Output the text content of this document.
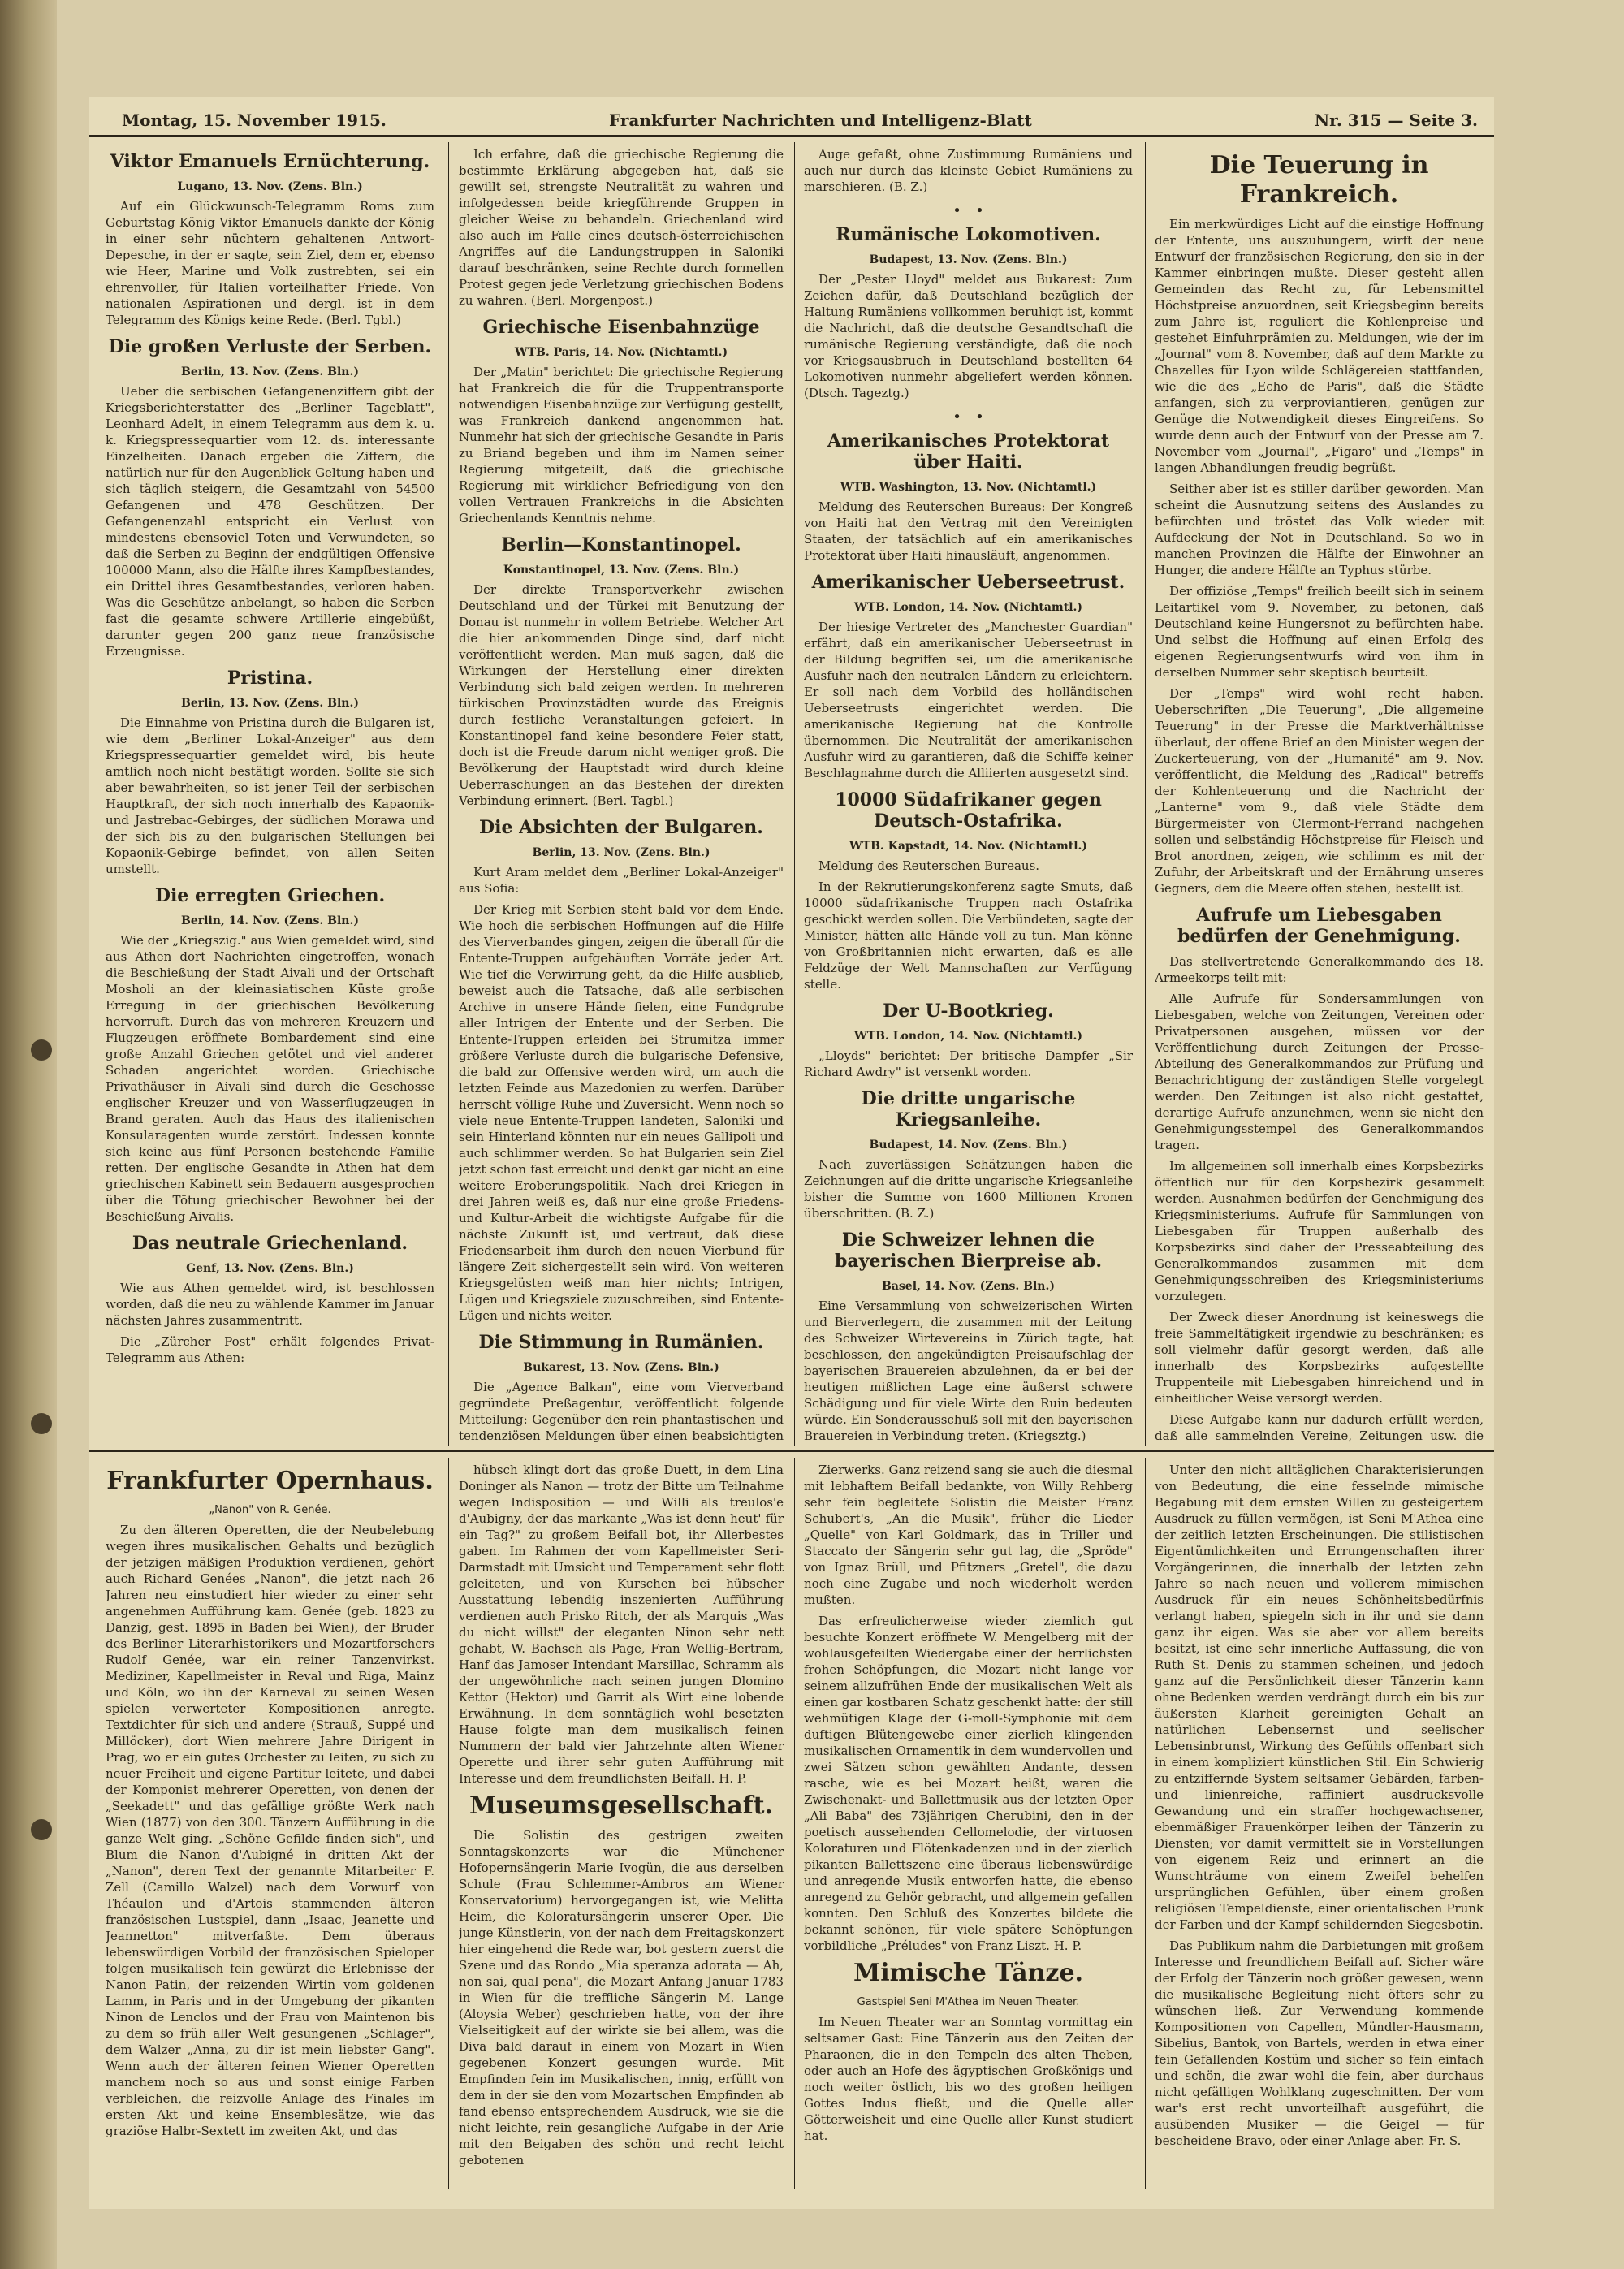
Montag, 15. November 1915.	Frankfurter Nachrichten und Intelligenz-Blatt	Nr. 315 — Seite 3.
Viktor Emanuels Ernüchterung.
Lugano, 13. Nov. (Zens. Bln.)

Auf ein Glückwunsch-Telegramm Roms zum Geburtstag König Viktor Emanuels dankte der König in einer sehr nüchtern gehaltenen Antwort-Depesche, in der er sagte, sein Ziel, dem er, ebenso wie Heer, Marine und Volk zustrebten, sei ein ehrenvoller, für Italien vorteilhafter Friede. Von nationalen Aspirationen und dergl. ist in dem Telegramm des Königs keine Rede. (Berl. Tgbl.)

Die großen Verluste der Serben.
Berlin, 13. Nov. (Zens. Bln.)

Ueber die serbischen Gefangenenziffern gibt der Kriegsberichterstatter des „Berliner Tageblatt", Leonhard Adelt, in einem Telegramm aus dem k. u. k. Kriegspressequartier vom 12. ds. interessante Einzelheiten. Danach ergeben die Ziffern, die natürlich nur für den Augenblick Geltung haben und sich täglich steigern, die Gesamtzahl von 54500 Gefangenen und 478 Geschützen. Der Gefangenenzahl entspricht ein Verlust von mindestens ebensoviel Toten und Verwundeten, so daß die Serben zu Beginn der endgültigen Offensive 100000 Mann, also die Hälfte ihres Kampfbestandes, ein Drittel ihres Gesamtbestandes, verloren haben. Was die Geschütze anbelangt, so haben die Serben fast die gesamte schwere Artillerie eingebüßt, darunter gegen 200 ganz neue französische Erzeugnisse.

Pristina.
Berlin, 13. Nov. (Zens. Bln.)

Die Einnahme von Pristina durch die Bulgaren ist, wie dem „Berliner Lokal-Anzeiger" aus dem Kriegspressequartier gemeldet wird, bis heute amtlich noch nicht bestätigt worden. Sollte sie sich aber bewahrheiten, so ist jener Teil der serbischen Hauptkraft, der sich noch innerhalb des Kapaonik- und Jastrebac-Gebirges, der südlichen Morawa und der sich bis zu den bulgarischen Stellungen bei Kopaonik-Gebirge befindet, von allen Seiten umstellt.

Die erregten Griechen.
Berlin, 14. Nov. (Zens. Bln.)

Wie der „Kriegszig." aus Wien gemeldet wird, sind aus Athen dort Nachrichten eingetroffen, wonach die Beschießung der Stadt Aivali und der Ortschaft Mosholi an der kleinasiatischen Küste große Erregung in der griechischen Bevölkerung hervorruft. Durch das von mehreren Kreuzern und Flugzeugen eröffnete Bombardement sind eine große Anzahl Griechen getötet und viel anderer Schaden angerichtet worden. Griechische Privathäuser in Aivali sind durch die Geschosse englischer Kreuzer und von Wasserflugzeugen in Brand geraten. Auch das Haus des italienischen Konsularagenten wurde zerstört. Indessen konnte sich keine aus fünf Personen bestehende Familie retten. Der englische Gesandte in Athen hat dem griechischen Kabinett sein Bedauern ausgesprochen über die Tötung griechischer Bewohner bei der Beschießung Aivalis.

Das neutrale Griechenland.
Genf, 13. Nov. (Zens. Bln.)

Wie aus Athen gemeldet wird, ist beschlossen worden, daß die neu zu wählende Kammer im Januar nächsten Jahres zusammentritt.

Die „Zürcher Post" erhält folgendes Privat-Telegramm aus Athen:

Ich erfahre, daß die griechische Regierung die bestimmte Erklärung abgegeben hat, daß sie gewillt sei, strengste Neutralität zu wahren und infolgedessen beide kriegführende Gruppen in gleicher Weise zu behandeln. Griechenland wird also auch im Falle eines deutsch-österreichischen Angriffes auf die Landungstruppen in Saloniki darauf beschränken, seine Rechte durch formellen Protest gegen jede Verletzung griechischen Bodens zu wahren. (Berl. Morgenpost.)

Griechische Eisenbahnzüge
WTB. Paris, 14. Nov. (Nichtamtl.)

Der „Matin" berichtet: Die griechische Regierung hat Frankreich die für die Truppentransporte notwendigen Eisenbahnzüge zur Verfügung gestellt, was Frankreich dankend angenommen hat. Nunmehr hat sich der griechische Gesandte in Paris zu Briand begeben und ihm im Namen seiner Regierung mitgeteilt, daß die griechische Regierung mit wirklicher Befriedigung von den vollen Vertrauen Frankreichs in die Absichten Griechenlands Kenntnis nehme.

Berlin—Konstantinopel.
Konstantinopel, 13. Nov. (Zens. Bln.)

Der direkte Transportverkehr zwischen Deutschland und der Türkei mit Benutzung der Donau ist nunmehr in vollem Betriebe. Welcher Art die hier ankommenden Dinge sind, darf nicht veröffentlicht werden. Man muß sagen, daß die Wirkungen der Herstellung einer direkten Verbindung sich bald zeigen werden. In mehreren türkischen Provinzstädten wurde das Ereignis durch festliche Veranstaltungen gefeiert. In Konstantinopel fand keine besondere Feier statt, doch ist die Freude darum nicht weniger groß. Die Bevölkerung der Hauptstadt wird durch kleine Ueberraschungen an das Bestehen der direkten Verbindung erinnert. (Berl. Tagbl.)

Die Absichten der Bulgaren.
Berlin, 13. Nov. (Zens. Bln.)

Kurt Aram meldet dem „Berliner Lokal-Anzeiger" aus Sofia:

Der Krieg mit Serbien steht bald vor dem Ende. Wie hoch die serbischen Hoffnungen auf die Hilfe des Vierverbandes gingen, zeigen die überall für die Entente-Truppen aufgehäuften Vorräte jeder Art. Wie tief die Verwirrung geht, da die Hilfe ausblieb, beweist auch die Tatsache, daß alle serbischen Archive in unsere Hände fielen, eine Fundgrube aller Intrigen der Entente und der Serben. Die Entente-Truppen erleiden bei Strumitza immer größere Verluste durch die bulgarische Defensive, die bald zur Offensive werden wird, um auch die letzten Feinde aus Mazedonien zu werfen. Darüber herrscht völlige Ruhe und Zuversicht. Wenn noch so viele neue Entente-Truppen landeten, Saloniki und sein Hinterland könnten nur ein neues Gallipoli und auch schlimmer werden. So hat Bulgarien sein Ziel jetzt schon fast erreicht und denkt gar nicht an eine weitere Eroberungspolitik. Nach drei Kriegen in drei Jahren weiß es, daß nur eine große Friedens- und Kultur-Arbeit die wichtigste Aufgabe für die nächste Zukunft ist, und vertraut, daß diese Friedensarbeit ihm durch den neuen Vierbund für längere Zeit sichergestellt sein wird. Von weiteren Kriegsgelüsten weiß man hier nichts; Intrigen, Lügen und Kriegsziele zuzuschreiben, sind Entente-Lügen und nichts weiter.

Die Stimmung in Rumänien.
Bukarest, 13. Nov. (Zens. Bln.)

Die „Agence Balkan", eine vom Vierverband gegründete Preßagentur, veröffentlicht folgende Mitteilung: Gegenüber den rein phantastischen und tendenziösen Meldungen über einen beabsichtigten

Auge gefaßt, ohne Zustimmung Rumäniens und auch nur durch das kleinste Gebiet Rumäniens zu marschieren. (B. Z.)

•   •
Rumänische Lokomotiven.
Budapest, 13. Nov. (Zens. Bln.)

Der „Pester Lloyd" meldet aus Bukarest: Zum Zeichen dafür, daß Deutschland bezüglich der Haltung Rumäniens vollkommen beruhigt ist, kommt die Nachricht, daß die deutsche Gesandtschaft die rumänische Regierung verständigte, daß die noch vor Kriegsausbruch in Deutschland bestellten 64 Lokomotiven nunmehr abgeliefert werden können. (Dtsch. Tageztg.)

•   •
Amerikanisches Protektorat über Haiti.
WTB. Washington, 13. Nov. (Nichtamtl.)

Meldung des Reuterschen Bureaus: Der Kongreß von Haiti hat den Vertrag mit den Vereinigten Staaten, der tatsächlich auf ein amerikanisches Protektorat über Haiti hinausläuft, angenommen.

Amerikanischer Ueberseetrust.
WTB. London, 14. Nov. (Nichtamtl.)

Der hiesige Vertreter des „Manchester Guardian" erfährt, daß ein amerikanischer Ueberseetrust in der Bildung begriffen sei, um die amerikanische Ausfuhr nach den neutralen Ländern zu erleichtern. Er soll nach dem Vorbild des holländischen Ueberseetrusts eingerichtet werden. Die amerikanische Regierung hat die Kontrolle übernommen. Die Neutralität der amerikanischen Ausfuhr wird zu garantieren, daß die Schiffe keiner Beschlagnahme durch die Alliierten ausgesetzt sind.

10000 Südafrikaner gegen Deutsch-Ostafrika.
WTB. Kapstadt, 14. Nov. (Nichtamtl.)

Meldung des Reuterschen Bureaus.

In der Rekrutierungskonferenz sagte Smuts, daß 10000 südafrikanische Truppen nach Ostafrika geschickt werden sollen. Die Verbündeten, sagte der Minister, hätten alle Hände voll zu tun. Man könne von Großbritannien nicht erwarten, daß es alle Feldzüge der Welt Mannschaften zur Verfügung stelle.

Der U-Bootkrieg.
WTB. London, 14. Nov. (Nichtamtl.)

„Lloyds" berichtet: Der britische Dampfer „Sir Richard Awdry" ist versenkt worden.

Die dritte ungarische Kriegsanleihe.
Budapest, 14. Nov. (Zens. Bln.)

Nach zuverlässigen Schätzungen haben die Zeichnungen auf die dritte ungarische Kriegsanleihe bisher die Summe von 1600 Millionen Kronen überschritten. (B. Z.)

Die Schweizer lehnen die bayerischen Bierpreise ab.
Basel, 14. Nov. (Zens. Bln.)

Eine Versammlung von schweizerischen Wirten und Bierverlegern, die zusammen mit der Leitung des Schweizer Wirtevereins in Zürich tagte, hat beschlossen, den angekündigten Preisaufschlag der bayerischen Brauereien abzulehnen, da er bei der heutigen mißlichen Lage eine äußerst schwere Schädigung und für viele Wirte den Ruin bedeuten würde. Ein Sonderausschuß soll mit den bayerischen Brauereien in Verbindung treten. (Kriegsztg.)

Die Teuerung in Frankreich.

Ein merkwürdiges Licht auf die einstige Hoffnung der Entente, uns auszuhungern, wirft der neue Entwurf der französischen Regierung, den sie in der Kammer einbringen mußte. Dieser gesteht allen Gemeinden das Recht zu, für Lebensmittel Höchstpreise anzuordnen, seit Kriegsbeginn bereits zum Jahre ist, reguliert die Kohlenpreise und gestehet Einfuhrprämien zu. Meldungen, wie der im „Journal" vom 8. November, daß auf dem Markte zu Chazelles für Lyon wilde Schlägereien stattfanden, wie die des „Echo de Paris", daß die Städte anfangen, sich zu verproviantieren, genügen zur Genüge die Notwendigkeit dieses Eingreifens. So wurde denn auch der Entwurf von der Presse am 7. November vom „Journal", „Figaro" und „Temps" in langen Abhandlungen freudig begrüßt.

Seither aber ist es stiller darüber geworden. Man scheint die Ausnutzung seitens des Auslandes zu befürchten und tröstet das Volk wieder mit Aufdeckung der Not in Deutschland. So wo in manchen Provinzen die Hälfte der Einwohner an Hunger, die andere Hälfte an Typhus stürbe.

Der offiziöse „Temps" freilich beeilt sich in seinem Leitartikel vom 9. November, zu betonen, daß Deutschland keine Hungersnot zu befürchten habe. Und selbst die Hoffnung auf einen Erfolg des eigenen Regierungsentwurfs wird von ihm in derselben Nummer sehr skeptisch beurteilt.

Der „Temps" wird wohl recht haben. Ueberschriften „Die Teuerung", „Die allgemeine Teuerung" in der Presse die Marktverhältnisse überlaut, der offene Brief an den Minister wegen der Zuckerteuerung, von der „Humanité" am 9. Nov. veröffentlicht, die Meldung des „Radical" betreffs der Kohlenteuerung und die Nachricht der „Lanterne" vom 9., daß viele Städte dem Bürgermeister von Clermont-Ferrand nachgehen sollen und selbständig Höchstpreise für Fleisch und Brot anordnen, zeigen, wie schlimm es mit der Zufuhr, der Arbeitskraft und der Ernährung unseres Gegners, dem die Meere offen stehen, bestellt ist.

Aufrufe um Liebesgaben bedürfen der Genehmigung.

Das stellvertretende Generalkommando des 18. Armeekorps teilt mit:

Alle Aufrufe für Sondersammlungen von Liebesgaben, welche von Zeitungen, Vereinen oder Privatpersonen ausgehen, müssen vor der Veröffentlichung durch Zeitungen der Presse-Abteilung des Generalkommandos zur Prüfung und Benachrichtigung der zuständigen Stelle vorgelegt werden. Den Zeitungen ist also nicht gestattet, derartige Aufrufe anzunehmen, wenn sie nicht den Genehmigungsstempel des Generalkommandos tragen.

Im allgemeinen soll innerhalb eines Korpsbezirks öffentlich nur für den Korpsbezirk gesammelt werden. Ausnahmen bedürfen der Genehmigung des Kriegsministeriums. Aufrufe für Sammlungen von Liebesgaben für Truppen außerhalb des Korpsbezirks sind daher der Presseabteilung des Generalkommandos zusammen mit dem Genehmigungsschreiben des Kriegsministeriums vorzulegen.

Der Zweck dieser Anordnung ist keineswegs die freie Sammeltätigkeit irgendwie zu beschränken; es soll vielmehr dafür gesorgt werden, daß alle innerhalb des Korpsbezirks aufgestellte Truppenteile mit Liebesgaben hinreichend und in einheitlicher Weise versorgt werden.

Diese Aufgabe kann nur dadurch erfüllt werden, daß alle sammelnden Vereine, Zeitungen usw. die

Frankfurter Opernhaus.
„Nanon" von R. Genée.

Zu den älteren Operetten, die der Neubelebung wegen ihres musikalischen Gehalts und bezüglich der jetzigen mäßigen Produktion verdienen, gehört auch Richard Genées „Nanon", die jetzt nach 26 Jahren neu einstudiert hier wieder zu einer sehr angenehmen Aufführung kam. Genée (geb. 1823 zu Danzig, gest. 1895 in Baden bei Wien), der Bruder des Berliner Literarhistorikers und Mozartforschers Rudolf Genée, war ein reiner Tanzenvirkst. Mediziner, Kapellmeister in Reval und Riga, Mainz und Köln, wo ihn der Karneval zu seinen Wesen spielen verwerteter Kompositionen anregte. Textdichter für sich und andere (Strauß, Suppé und Millöcker), dort Wien mehrere Jahre Dirigent in Prag, wo er ein gutes Orchester zu leiten, zu sich zu neuer Freiheit und eigene Partitur leitete, und dabei der Komponist mehrerer Operetten, von denen der „Seekadett" und das gefällige größte Werk nach Wien (1877) von den 300. Tänzern Aufführung in die ganze Welt ging. „Schöne Gefilde finden sich", und Blum die Nanon d'Aubigné in dritten Akt der „Nanon", deren Text der genannte Mitarbeiter F. Zell (Camillo Walzel) nach dem Vorwurf von Théaulon und d'Artois stammenden älteren französischen Lustspiel, dann „Isaac, Jeanette und Jeannetton" mitverfaßte. Dem überaus lebenswürdigen Vorbild der französischen Spieloper folgen musikalisch fein gewürzt die Erlebnisse der Nanon Patin, der reizenden Wirtin vom goldenen Lamm, in Paris und in der Umgebung der pikanten Ninon de Lenclos und der Frau von Maintenon bis zu dem so früh aller Welt gesungenen „Schlager", dem Walzer „Anna, zu dir ist mein liebster Gang". Wenn auch der älteren feinen Wiener Operetten manchem noch so aus und sonst einige Farben verbleichen, die reizvolle Anlage des Finales im ersten Akt und keine Ensemblesätze, wie das graziöse Halbr-Sextett im zweiten Akt, und das

hübsch klingt dort das große Duett, in dem Lina Doninger als Nanon — trotz der Bitte um Teilnahme wegen Indisposition — und Willi als treulos'e d'Aubigny, der das markante „Was ist denn heut' für ein Tag?" zu großem Beifall bot, ihr Allerbestes gaben. Im Rahmen der vom Kapellmeister Seri-Darmstadt mit Umsicht und Temperament sehr flott geleiteten, und von Kurschen bei hübscher Ausstattung lebendig inszenierten Aufführung verdienen auch Prisko Ritch, der als Marquis „Was du nicht willst" der eleganten Ninon sehr nett gehabt, W. Bachsch als Page, Fran Wellig-Bertram, Hanf das Jamoser Intendant Marsillac, Schramm als der ungewöhnliche nach seinen jungen Dlomino Kettor (Hektor) und Garrit als Wirt eine lobende Erwähnung. In dem sonntäglich wohl besetzten Hause folgte man dem musikalisch feinen Nummern der bald vier Jahrzehnte alten Wiener Operette und ihrer sehr guten Aufführung mit Interesse und dem freundlichsten Beifall. H. P.

Museumsgesellschaft.

Die Solistin des gestrigen zweiten Sonntagskonzerts war die Münchener Hofopernsängerin Marie Ivogün, die aus derselben Schule (Frau Schlemmer-Ambros am Wiener Konservatorium) hervorgegangen ist, wie Melitta Heim, die Koloratursängerin unserer Oper. Die junge Künstlerin, von der nach dem Freitagskonzert hier eingehend die Rede war, bot gestern zuerst die Szene und das Rondo „Mia speranza adorata — Ah, non sai, qual pena", die Mozart Anfang Januar 1783 in Wien für die treffliche Sängerin M. Lange (Aloysia Weber) geschrieben hatte, von der ihre Vielseitigkeit auf der wirkte sie bei allem, was die Diva bald darauf in einem von Mozart in Wien gegebenen Konzert gesungen wurde. Mit Empfinden fein im Musikalischen, innig, erfüllt von dem in der sie den vom Mozartschen Empfinden ab fand ebenso entsprechendem Ausdruck, wie sie die nicht leichte, rein gesangliche Aufgabe in der Arie mit den Beigaben des schön und recht leicht gebotenen

Zierwerks. Ganz reizend sang sie auch die diesmal mit lebhaftem Beifall bedankte, von Willy Rehberg sehr fein begleitete Solistin die Meister Franz Schubert's, „An die Musik", früher die Lieder „Quelle" von Karl Goldmark, das in Triller und Staccato der Sängerin sehr gut lag, die „Spröde" von Ignaz Brüll, und Pfitzners „Gretel", die dazu noch eine Zugabe und noch wiederholt werden mußten.

Das erfreulicherweise wieder ziemlich gut besuchte Konzert eröffnete W. Mengelberg mit der wohlausgefeilten Wiedergabe einer der herrlichsten frohen Schöpfungen, die Mozart nicht lange vor seinem allzufrühen Ende der musikalischen Welt als einen gar kostbaren Schatz geschenkt hatte: der still wehmütigen Klage der G-moll-Symphonie mit dem duftigen Blütengewebe einer zierlich klingenden musikalischen Ornamentik in dem wundervollen und zwei Sätzen schon gewählten Andante, dessen rasche, wie es bei Mozart heißt, waren die Zwischenakt- und Ballettmusik aus der letzten Oper „Ali Baba" des 73jährigen Cherubini, den in der poetisch aussehenden Cellomelodie, der virtuosen Koloraturen und Flötenkadenzen und in der zierlich pikanten Ballettszene eine überaus liebenswürdige und anregende Musik entworfen hatte, die ebenso anregend zu Gehör gebracht, und allgemein gefallen konnten. Den Schluß des Konzertes bildete die bekannt schönen, für viele spätere Schöpfungen vorbildliche „Préludes" von Franz Liszt. H. P.

Mimische Tänze.
Gastspiel Seni M'Athea im Neuen Theater.

Im Neuen Theater war an Sonntag vormittag ein seltsamer Gast: Eine Tänzerin aus den Zeiten der Pharaonen, die in den Tempeln des alten Theben, oder auch an Hofe des ägyptischen Großkönigs und noch weiter östlich, bis wo des großen heiligen Gottes Indus fließt, und die Quelle aller Götterweisheit und eine Quelle aller Kunst studiert hat.

Unter den nicht alltäglichen Charakterisierungen von Bedeutung, die eine fesselnde mimische Begabung mit dem ernsten Willen zu gesteigertem Ausdruck zu füllen vermögen, ist Seni M'Athea eine der zeitlich letzten Erscheinungen. Die stilistischen Eigentümlichkeiten und Errungenschaften ihrer Vorgängerinnen, die innerhalb der letzten zehn Jahre so nach neuen und vollerem mimischen Ausdruck für ein neues Schönheitsbedürfnis verlangt haben, spiegeln sich in ihr und sie dann ganz ihr eigen. Was sie aber vor allem bereits besitzt, ist eine sehr innerliche Auffassung, die von Ruth St. Denis zu stammen scheinen, und jedoch ganz auf die Persönlichkeit dieser Tänzerin kann ohne Bedenken werden verdrängt durch ein bis zur äußersten Klarheit gereinigten Gehalt an natürlichen Lebensernst und seelischer Lebensinbrunst, Wirkung des Gefühls offenbart sich in einem kompliziert künstlichen Stil. Ein Schwierig zu entziffernde System seltsamer Gebärden, farben- und linienreiche, raffiniert ausdrucksvolle Gewandung und ein straffer hochgewachsener, ebenmäßiger Frauenkörper leihen der Tänzerin zu Diensten; vor damit vermittelt sie in Vorstellungen von eigenem Reiz und erinnert an die Wunschträume von einem Zweifel behelfen ursprünglichen Gefühlen, über einem großen religiösen Tempeldienste, einer orientalischen Prunk der Farben und der Kampf schildernden Siegesbotin.

Das Publikum nahm die Darbietungen mit großem Interesse und freundlichem Beifall auf. Sicher wäre der Erfolg der Tänzerin noch größer gewesen, wenn die musikalische Begleitung nicht öfters sehr zu wünschen ließ. Zur Verwendung kommende Kompositionen von Capellen, Mündler-Hausmann, Sibelius, Bantok, von Bartels, werden in etwa einer fein Gefallenden Kostüm und sicher so fein einfach und schön, die zwar wohl die fein, aber durchaus nicht gefälligen Wohlklang zugeschnitten. Der vom war's erst recht unvorteilhaft ausgeführt, die ausübenden Musiker — die Geigel — für bescheidene Bravo, oder einer Anlage aber. Fr. S.
